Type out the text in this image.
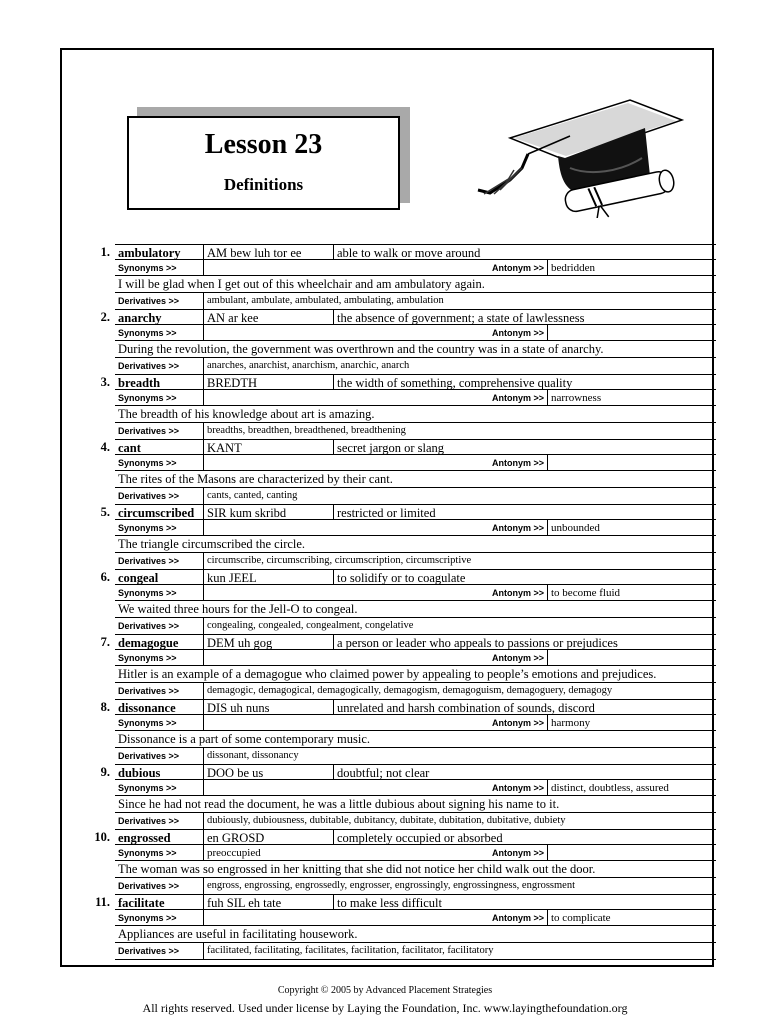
Lesson 23
Definitions
1. ambulatory	AM bew luh tor ee	able to walk or move around
Synonyms >>	Antonym >> bedridden
I will be glad when I get out of this wheelchair and am ambulatory again.
Derivatives >>	ambulant, ambulate, ambulated, ambulating, ambulation
2. anarchy	AN ar kee	the absence of government; a state of lawlessness
Synonyms >>	Antonym >>
During the revolution, the government was overthrown and the country was in a state of anarchy.
Derivatives >>	anarches, anarchist, anarchism, anarchic, anarch
3. breadth	BREDTH	the width of something, comprehensive quality
Synonyms >>	Antonym >> narrowness
The breadth of his knowledge about art is amazing.
Derivatives >>	breadths, breadthen, breadthened, breadthening
4. cant	KANT	secret jargon or slang
Synonyms >>	Antonym >>
The rites of the Masons are characterized by their cant.
Derivatives >>	cants, canted, canting
5. circumscribed	SIR kum skribd	restricted or limited
Synonyms >>	Antonym >> unbounded
The triangle circumscribed the circle.
Derivatives >>	circumscribe, circumscribing, circumscription, circumscriptive
6. congeal	kun JEEL	to solidify or to coagulate
Synonyms >>	Antonym >> to become fluid
We waited three hours for the Jell-O to congeal.
Derivatives >>	congealing, congealed, congealment, congelative
7. demagogue	DEM uh gog	a person or leader who appeals to passions or prejudices
Synonyms >>	Antonym >>
Hitler is an example of a demagogue who claimed power by appealing to people’s emotions and prejudices.
Derivatives >>	demagogic, demagogical, demagogically, demagogism, demagoguism, demagoguery, demagogy
8. dissonance	DIS uh nuns	unrelated and harsh combination of sounds, discord
Synonyms >>	Antonym >> harmony
Dissonance is a part of some contemporary music.
Derivatives >>	dissonant, dissonancy
9. dubious	DOO be us	doubtful; not clear
Synonyms >>	Antonym >> distinct, doubtless, assured
Since he had not read the document, he was a little dubious about signing his name to it.
Derivatives >>	dubiously, dubiousness, dubitable, dubitancy, dubitate, dubitation, dubitative, dubiety
10. engrossed	en GROSD	completely occupied or absorbed
Synonyms >>	preoccupied	Antonym >>
The woman was so engrossed in her knitting that she did not notice her child walk out the door.
Derivatives >>	engross, engrossing, engrossedly, engrosser, engrossingly, engrossingness, engrossment
11. facilitate	fuh SIL eh tate	to make less difficult
Synonyms >>	Antonym >> to complicate
Appliances are useful in facilitating housework.
Derivatives >>	facilitated, facilitating, facilitates, facilitation, facilitator, facilitatory
Copyright © 2005 by Advanced Placement Strategies
All rights reserved. Used under license by Laying the Foundation, Inc. www.layingthefoundation.org
